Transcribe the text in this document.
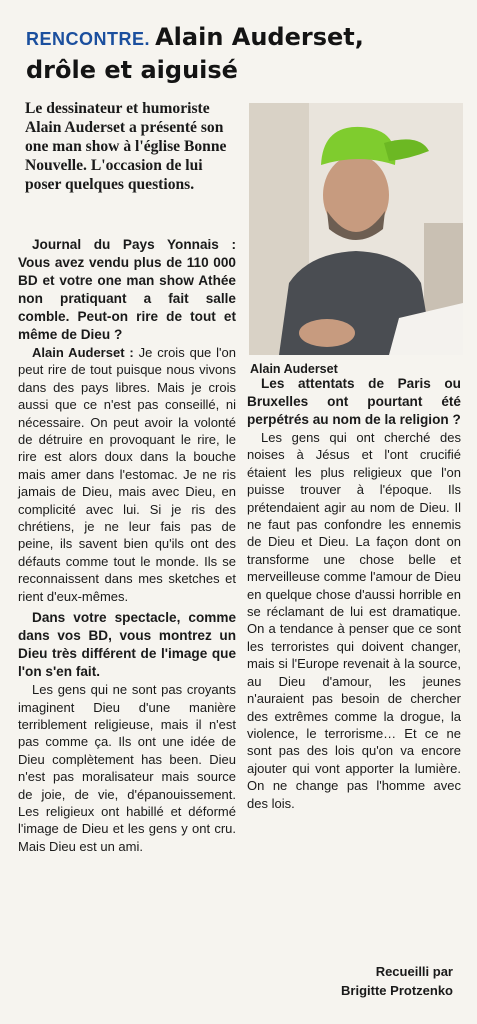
RENCONTRE. Alain Auderset,
drôle et aiguisé

Le dessinateur et humoriste Alain Auderset a présenté son one man show à l'église Bonne Nouvelle. L'occasion de lui poser quelques questions.

Alain Auderset

Journal du Pays Yonnais : Vous avez vendu plus de 110 000 BD et votre one man show Athée non pratiquant a fait salle comble. Peut-on rire de tout et même de Dieu ?

Alain Auderset : Je crois que l'on peut rire de tout puisque nous vivons dans des pays libres. Mais je crois aussi que ce n'est pas conseillé, ni nécessaire. On peut avoir la volonté de détruire en provoquant le rire, le rire est alors doux dans la bouche mais amer dans l'estomac. Je ne ris jamais de Dieu, mais avec Dieu, en complicité avec lui. Si je ris des chrétiens, je ne leur fais pas de peine, ils savent bien qu'ils ont des défauts comme tout le monde. Ils se reconnaissent dans mes sketches et rient d'eux-mêmes.

Dans votre spectacle, comme dans vos BD, vous montrez un Dieu très différent de l'image que l'on s'en fait.

Les gens qui ne sont pas croyants imaginent Dieu d'une manière terriblement religieuse, mais il n'est pas comme ça. Ils ont une idée de Dieu complètement has been. Dieu n'est pas moralisateur mais source de joie, de vie, d'épanouissement. Les religieux ont habillé et déformé l'image de Dieu et les gens y ont cru. Mais Dieu est un ami.

Les attentats de Paris ou Bruxelles ont pourtant été perpétrés au nom de la religion ?

Les gens qui ont cherché des noises à Jésus et l'ont crucifié étaient les plus religieux que l'on puisse trouver à l'époque. Ils prétendaient agir au nom de Dieu. Il ne faut pas confondre les ennemis de Dieu et Dieu. La façon dont on transforme une chose belle et merveilleuse comme l'amour de Dieu en quelque chose d'aussi horrible en se réclamant de lui est dramatique. On a tendance à penser que ce sont les terroristes qui doivent changer, mais si l'Europe revenait à la source, au Dieu d'amour, les jeunes n'auraient pas besoin de chercher des extrêmes comme la drogue, la violence, le terrorisme… Et ce ne sont pas des lois qu'on va encore ajouter qui vont apporter la lumière. On ne change pas l'homme avec des lois.

Recueilli par
Brigitte Protzenko
